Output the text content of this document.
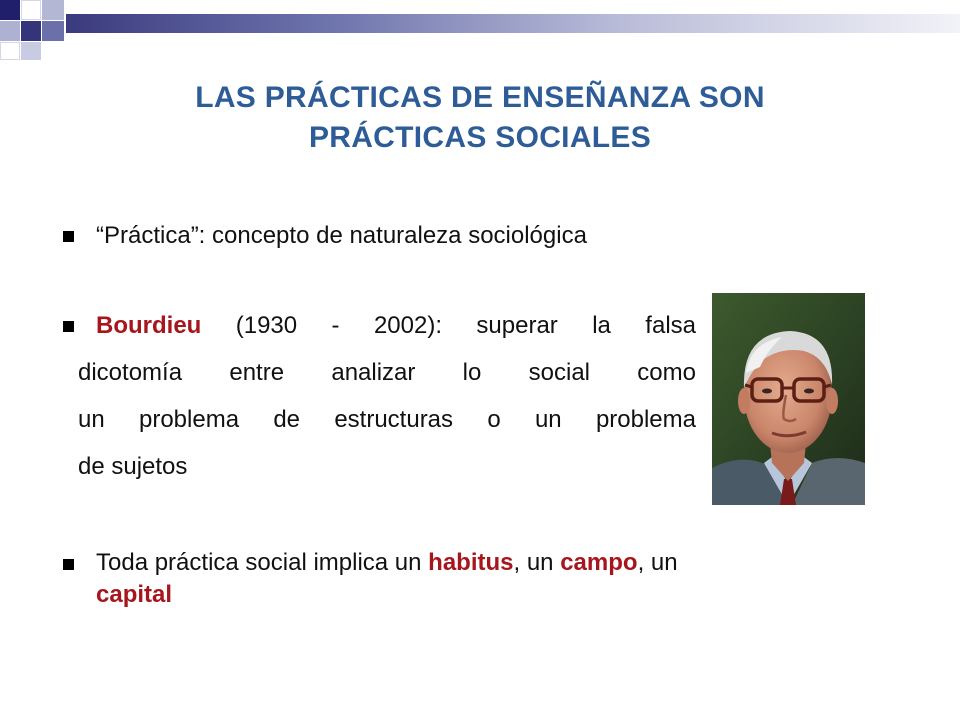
LAS PRÁCTICAS DE ENSEÑANZA SON
PRÁCTICAS SOCIALES
“Práctica”: concepto de naturaleza sociológica
Bourdieu (1930 - 2002): superar la falsa
dicotomía entre analizar lo social como
un problema de estructuras o un problema
de sujetos
Toda práctica social implica un habitus, un campo, un
capital
